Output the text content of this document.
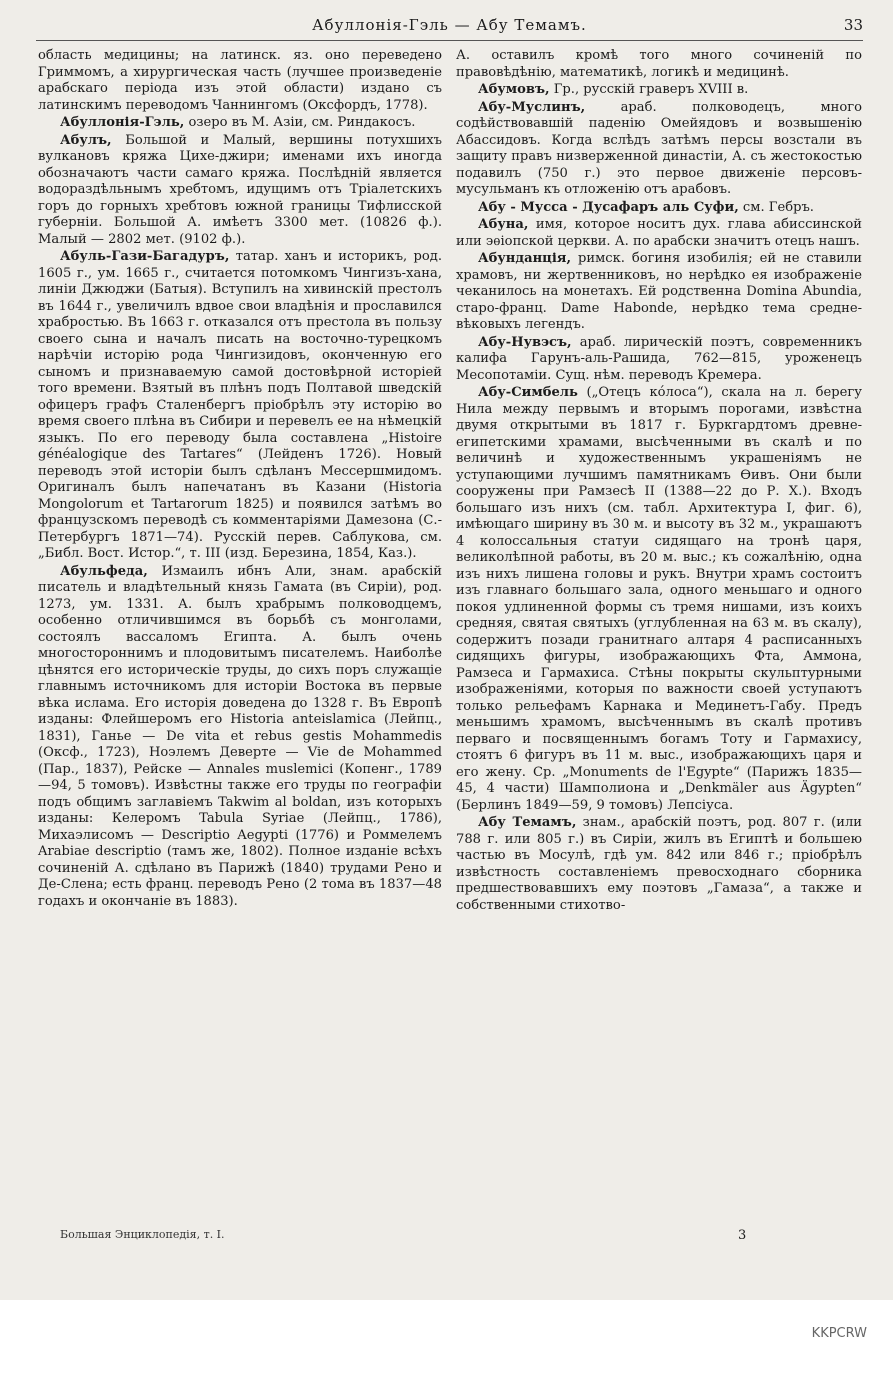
Абуллонія-Гэль — Абу Темамъ.	33

область медицины; на латинск. яз. оно переведено Гриммомъ, а хирургическая часть (лучшее произведеніе арабскаго періода изъ этой области) издано съ латинскимъ переводомъ Чаннингомъ (Оксфордъ, 1778).

Абуллонія-Гэль, озеро въ М. Азіи, см. Риндакосъ.

Абулъ, Большой и Малый, вершины потухшихъ вулкановъ кряжа Цихе-джири; именами ихъ иногда обозначаютъ части самаго кряжа. Послѣдній является водораздѣльнымъ хребтомъ, идущимъ отъ Тріалетскихъ горъ до горныхъ хребтовъ южной границы Тифлисской губерніи. Большой А. имѣетъ 3300 мет. (10826 ф.). Малый — 2802 мет. (9102 ф.).

Абуль-Гази-Багадуръ, татар. ханъ и историкъ, род. 1605 г., ум. 1665 г., считается потомкомъ Чингизъ-хана, линіи Джюджи (Батыя). Вступилъ на хивинскій престолъ въ 1644 г., увеличилъ вдвое свои владѣнія и прославился храбростью. Въ 1663 г. отказался отъ престола въ пользу своего сына и началъ писать на восточно-турецкомъ нарѣчіи исторію рода Чингизидовъ, оконченную его сыномъ и признаваемую самой достовѣрной исторіей того времени. Взятый въ плѣнъ подъ Полтавой шведскій офицеръ графъ Сталенбергъ пріобрѣлъ эту исторію во время своего плѣна въ Сибири и перевелъ ее на нѣмецкій языкъ. По его переводу была составлена „Histoire généalogique des Tartares“ (Лейденъ 1726). Новый переводъ этой исторіи былъ сдѣланъ Мессершмидомъ. Оригиналъ былъ напечатанъ въ Казани (Historia Mongolorum et Tartarorum 1825) и появился затѣмъ во французскомъ переводѣ съ комментаріями Дамезона (С.-Петербургъ 1871—74). Русскій перев. Саблукова, см. „Библ. Вост. Истор.“, т. III (изд. Березина, 1854, Каз.).

Абульфеда, Измаилъ ибнъ Али, знам. арабскій писатель и владѣтельный князь Гамата (въ Сиріи), род. 1273, ум. 1331. А. былъ храбрымъ полководцемъ, особенно отличившимся въ борьбѣ съ монголами, состоялъ вассаломъ Египта. А. былъ очень многостороннимъ и плодовитымъ писателемъ. Наиболѣе цѣнятся его историческіе труды, до сихъ поръ служащіе главнымъ источникомъ для исторіи Востока въ первые вѣка ислама. Его исторія доведена до 1328 г. Въ Европѣ изданы: Флейшеромъ его Historia anteislamica (Лейпц., 1831), Ганье — De vita et rebus gestis Mohammedis (Оксф., 1723), Ноэлемъ Деверте — Vie de Mohammed (Пар., 1837), Рейске — Annales muslemici (Копенг., 1789—94, 5 томовъ). Извѣстны также его труды по географіи подъ общимъ заглавіемъ Takwim al boldan, изъ которыхъ изданы: Келеромъ Tabula Syriae (Лейпц., 1786), Михаэлисомъ — Descriptio Aegypti (1776) и Роммелемъ Arabiae descriptio (тамъ же, 1802). Полное изданіе всѣхъ сочиненій А. сдѣлано въ Парижѣ (1840) трудами Рено и Де-Слена; есть франц. переводъ Рено (2 тома въ 1837—48 годахъ и окончаніе въ 1883).

А. оставилъ кромѣ того много сочиненій по правовѣдѣнію, математикѣ, логикѣ и медицинѣ.

Абумовъ, Гр., русскій граверъ XVIII в.

Абу-Муслинъ, араб. полководецъ, много содѣйствовавшій паденію Омейядовъ и возвышенію Абассидовъ. Когда вслѣдъ затѣмъ персы возстали въ защиту правъ низверженной династіи, А. съ жестокостью подавилъ (750 г.) это первое движеніе персовъ-мусульманъ къ отложенію отъ арабовъ.

Абу - Мусса - Дусафаръ аль Суфи, см. Гебръ.

Абуна, имя, которое носитъ дух. глава абиссинской или эѳіопской церкви. А. по арабски значитъ отецъ нашъ.

Абунданція, римск. богиня изобилія; ей не ставили храмовъ, ни жертвенниковъ, но нерѣдко ея изображеніе чеканилось на монетахъ. Ей родственна Domina Abundia, старо-франц. Dame Habonde, нерѣдко тема средне-вѣковыхъ легендъ.

Абу-Нувэсъ, араб. лирическій поэтъ, современникъ калифа Гарунъ-аль-Рашида, 762—815, уроженецъ Месопотаміи. Сущ. нѣм. переводъ Кремера.

Абу-Симбель („Отецъ кóлоса“), скала на л. берегу Нила между первымъ и вторымъ порогами, извѣстна двумя открытыми въ 1817 г. Буркгардтомъ древне-египетскими храмами, высѣченными въ скалѣ и по величинѣ и художественнымъ украшеніямъ не уступающими лучшимъ памятникамъ Ѳивъ. Они были сооружены при Рамзесѣ II (1388—22 до Р. Х.). Входъ большаго изъ нихъ (см. табл. Архитектура I, фиг. 6), имѣющаго ширину въ 30 м. и высоту въ 32 м., украшаютъ 4 колоссальныя статуи сидящаго на тронѣ царя, великолѣпной работы, въ 20 м. выс.; къ сожалѣнію, одна изъ нихъ лишена головы и рукъ. Внутри храмъ состоитъ изъ главнаго большаго зала, одного меньшаго и одного покоя удлиненной формы съ тремя нишами, изъ коихъ средняя, святая святыхъ (углубленная на 63 м. въ скалу), содержитъ позади гранитнаго алтаря 4 расписанныхъ сидящихъ фигуры, изображающихъ Фта, Аммона, Рамзеса и Гармахиса. Стѣны покрыты скульптурными изображеніями, которыя по важности своей уступаютъ только рельефамъ Карнака и Мединетъ-Габу. Предъ меньшимъ храмомъ, высѣченнымъ въ скалѣ противъ перваго и посвященнымъ богамъ Тоту и Гармахису, стоятъ 6 фигуръ въ 11 м. выс., изображающихъ царя и его жену. Ср. „Monuments de l'Egypte“ (Парижъ 1835—45, 4 части) Шамполиона и „Denkmäler aus Ägypten“ (Берлинъ 1849—59, 9 томовъ) Лепсіуса.

Абу Темамъ, знам., арабскій поэтъ, род. 807 г. (или 788 г. или 805 г.) въ Сиріи, жилъ въ Египтѣ и большею частью въ Мосулѣ, гдѣ ум. 842 или 846 г.; пріобрѣлъ извѣстность составленіемъ превосходнаго сборника предшествовавшихъ ему поэтовъ „Гамаза“, а также и собственными стихотво-

Большая Энциклопедія, т. I.	3
KKPCRW
